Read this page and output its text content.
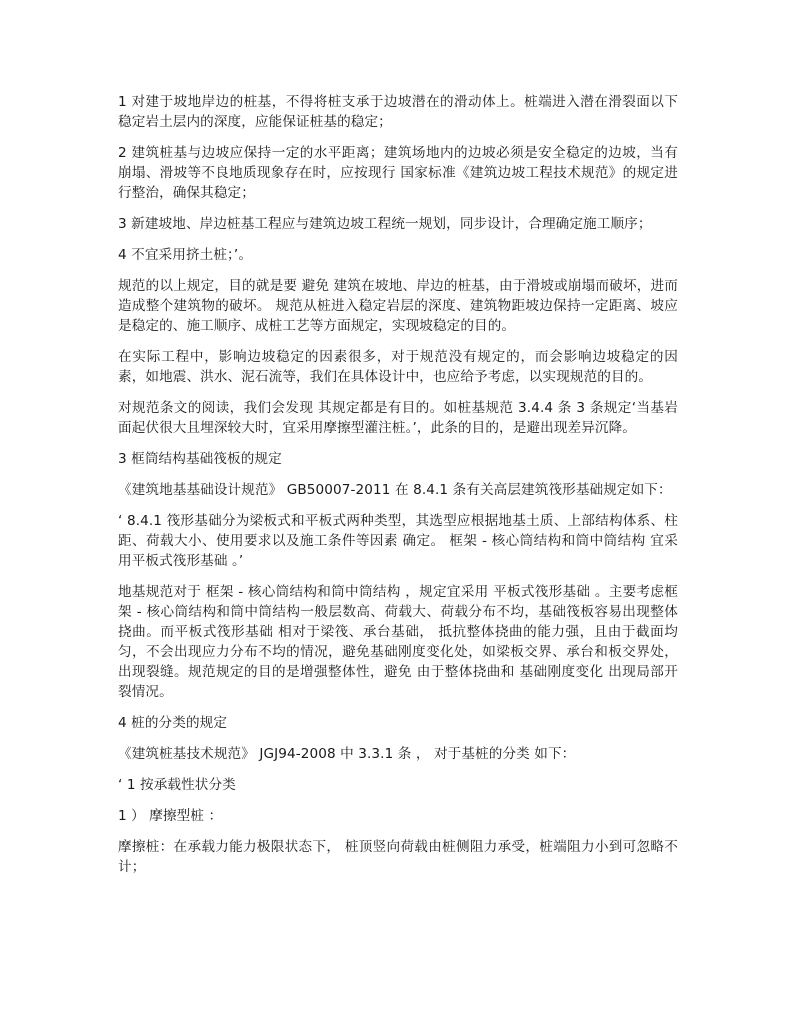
1 对建于坡地岸边的桩基，不得将桩支承于边坡潜在的滑动体上。桩端进入潜在滑裂面以下稳定岩土层内的深度，应能保证桩基的稳定；

2 建筑桩基与边坡应保持一定的水平距离；建筑场地内的边坡必须是安全稳定的边坡，当有崩塌、滑坡等不良地质现象存在时，应按现行 国家标准《建筑边坡工程技术规范》的规定进行整治，确保其稳定；

3 新建坡地、岸边桩基工程应与建筑边坡工程统一规划，同步设计，合理确定施工顺序；

4 不宜采用挤土桩；’。

规范的以上规定，目的就是要 避免 建筑在坡地、岸边的桩基，由于滑坡或崩塌而破坏，进而造成整个建筑物的破坏。 规范从桩进入稳定岩层的深度、建筑物距坡边保持一定距离、坡应是稳定的、施工顺序、成桩工艺等方面规定，实现坡稳定的目的。

在实际工程中，影响边坡稳定的因素很多，对于规范没有规定的，而会影响边坡稳定的因素，如地震、洪水、泥石流等，我们在具体设计中，也应给予考虑，以实现规范的目的。

对规范条文的阅读，我们会发现 其规定都是有目的。如桩基规范 3.4.4 条 3 条规定‘当基岩面起伏很大且埋深较大时，宜采用摩擦型灌注桩。’，此条的目的，是避出现差异沉降。

3 框筒结构基础筏板的规定

《建筑地基基础设计规范》 GB50007-2011 在 8.4.1 条有关高层建筑筏形基础规定如下：

‘ 8.4.1 筏形基础分为梁板式和平板式两种类型，其选型应根据地基土质、上部结构体系、柱距、荷载大小、使用要求以及施工条件等因素 确定。 框架 - 核心筒结构和筒中筒结构 宜采用平板式筏形基础 。’

地基规范对于 框架 - 核心筒结构和筒中筒结构 ，规定宜采用 平板式筏形基础 。主要考虑框 架 - 核心筒结构和筒中筒结构一般层数高、荷载大、荷载分布不均，基础筏板容易出现整体挠曲。而平板式筏形基础 相对于梁筏、承台基础， 抵抗整体挠曲的能力强，且由于截面均匀，不会出现应力分布不均的情况，避免基础刚度变化处，如梁板交界、承台和板交界处，出现裂缝。规范规定的目的是增强整体性，避免 由于整体挠曲和 基础刚度变化 出现局部开裂情况。

4 桩的分类的规定

《建筑桩基技术规范》 JGJ94-2008 中 3.3.1 条 ， 对于基桩的分类 如下：

‘ 1 按承载性状分类

1 ） 摩擦型桩 ：

摩擦桩：在承载力能力极限状态下， 桩顶竖向荷载由桩侧阻力承受，桩端阻力小到可忽略不计；
